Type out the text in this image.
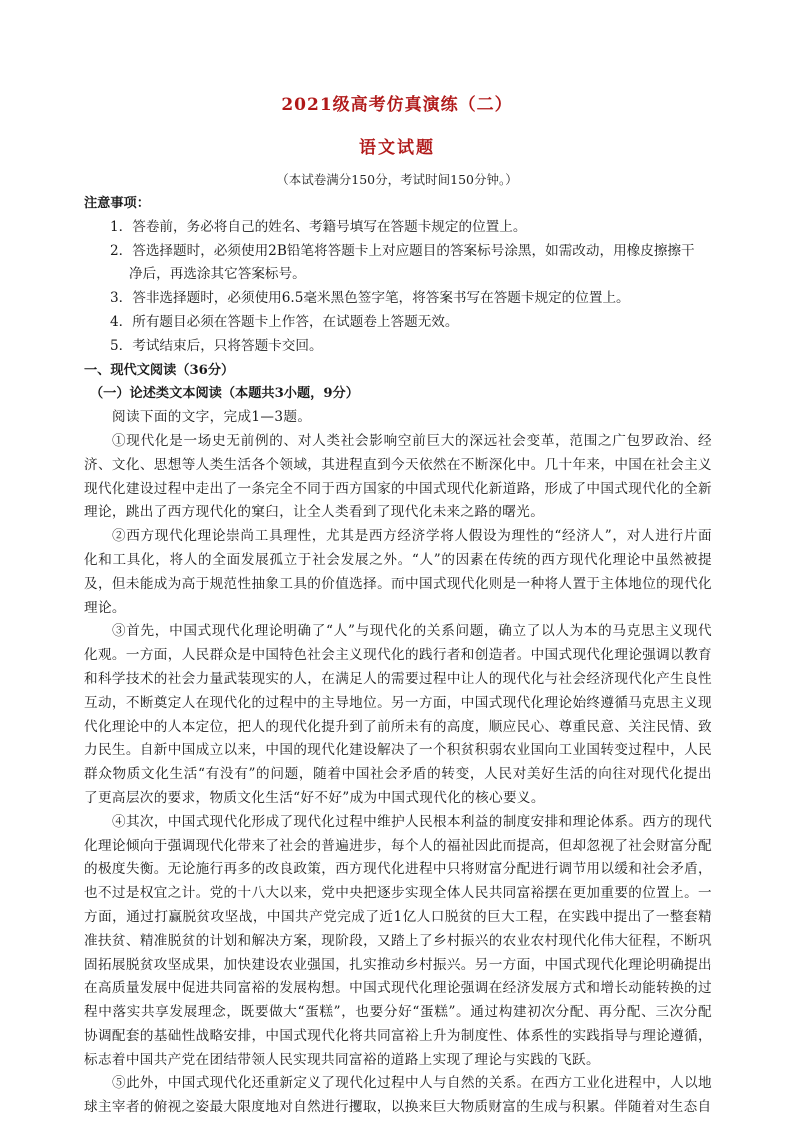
2021级高考仿真演练（二）
语文试题
（本试卷满分150分，考试时间150分钟。）

注意事项：

1．答卷前，务必将自己的姓名、考籍号填写在答题卡规定的位置上。

2．答选择题时，必须使用2B铅笔将答题卡上对应题目的答案标号涂黑，如需改动，用橡皮擦擦干

净后，再选涂其它答案标号。

3．答非选择题时，必须使用6.5毫米黑色签字笔，将答案书写在答题卡规定的位置上。

4．所有题目必须在答题卡上作答，在试题卷上答题无效。

5．考试结束后，只将答题卡交回。

一、现代文阅读（36分）

（一）论述类文本阅读（本题共3小题，9分）

阅读下面的文字，完成1—3题。

①现代化是一场史无前例的、对人类社会影响空前巨大的深远社会变革，范围之广包罗政治、经济、文化、思想等人类生活各个领域，其进程直到今天依然在不断深化中。几十年来，中国在社会主义现代化建设过程中走出了一条完全不同于西方国家的中国式现代化新道路，形成了中国式现代化的全新理论，跳出了西方现代化的窠臼，让全人类看到了现代化未来之路的曙光。

②西方现代化理论崇尚工具理性，尤其是西方经济学将人假设为理性的“经济人”，对人进行片面化和工具化，将人的全面发展孤立于社会发展之外。“人”的因素在传统的西方现代化理论中虽然被提及，但未能成为高于规范性抽象工具的价值选择。而中国式现代化则是一种将人置于主体地位的现代化理论。

③首先，中国式现代化理论明确了“人”与现代化的关系问题，确立了以人为本的马克思主义现代化观。一方面，人民群众是中国特色社会主义现代化的践行者和创造者。中国式现代化理论强调以教育和科学技术的社会力量武装现实的人，在满足人的需要过程中让人的现代化与社会经济现代化产生良性互动，不断奠定人在现代化的过程中的主导地位。另一方面，中国式现代化理论始终遵循马克思主义现代化理论中的人本定位，把人的现代化提升到了前所未有的高度，顺应民心、尊重民意、关注民情、致力民生。自新中国成立以来，中国的现代化建设解决了一个积贫积弱农业国向工业国转变过程中，人民群众物质文化生活“有没有”的问题，随着中国社会矛盾的转变，人民对美好生活的向往对现代化提出了更高层次的要求，物质文化生活“好不好”成为中国式现代化的核心要义。

④其次，中国式现代化形成了现代化过程中维护人民根本利益的制度安排和理论体系。西方的现代化理论倾向于强调现代化带来了社会的普遍进步，每个人的福祉因此而提高，但却忽视了社会财富分配的极度失衡。无论施行再多的改良政策，西方现代化进程中只将财富分配进行调节用以缓和社会矛盾，也不过是权宜之计。党的十八大以来，党中央把逐步实现全体人民共同富裕摆在更加重要的位置上。一方面，通过打赢脱贫攻坚战，中国共产党完成了近1亿人口脱贫的巨大工程，在实践中提出了一整套精准扶贫、精准脱贫的计划和解决方案，现阶段，又踏上了乡村振兴的农业农村现代化伟大征程，不断巩固拓展脱贫攻坚成果，加快建设农业强国，扎实推动乡村振兴。另一方面，中国式现代化理论明确提出在高质量发展中促进共同富裕的发展构想。中国式现代化理论强调在经济发展方式和增长动能转换的过程中落实共享发展理念，既要做大“蛋糕”，也要分好“蛋糕”。通过构建初次分配、再分配、三次分配协调配套的基础性战略安排，中国式现代化将共同富裕上升为制度性、体系性的实践指导与理论遵循，标志着中国共产党在团结带领人民实现共同富裕的道路上实现了理论与实践的飞跃。

⑤此外，中国式现代化还重新定义了现代化过程中人与自然的关系。在西方工业化进程中，人以地球主宰者的俯视之姿最大限度地对自然进行攫取，以换来巨大物质财富的生成与积累。伴随着对生态自
